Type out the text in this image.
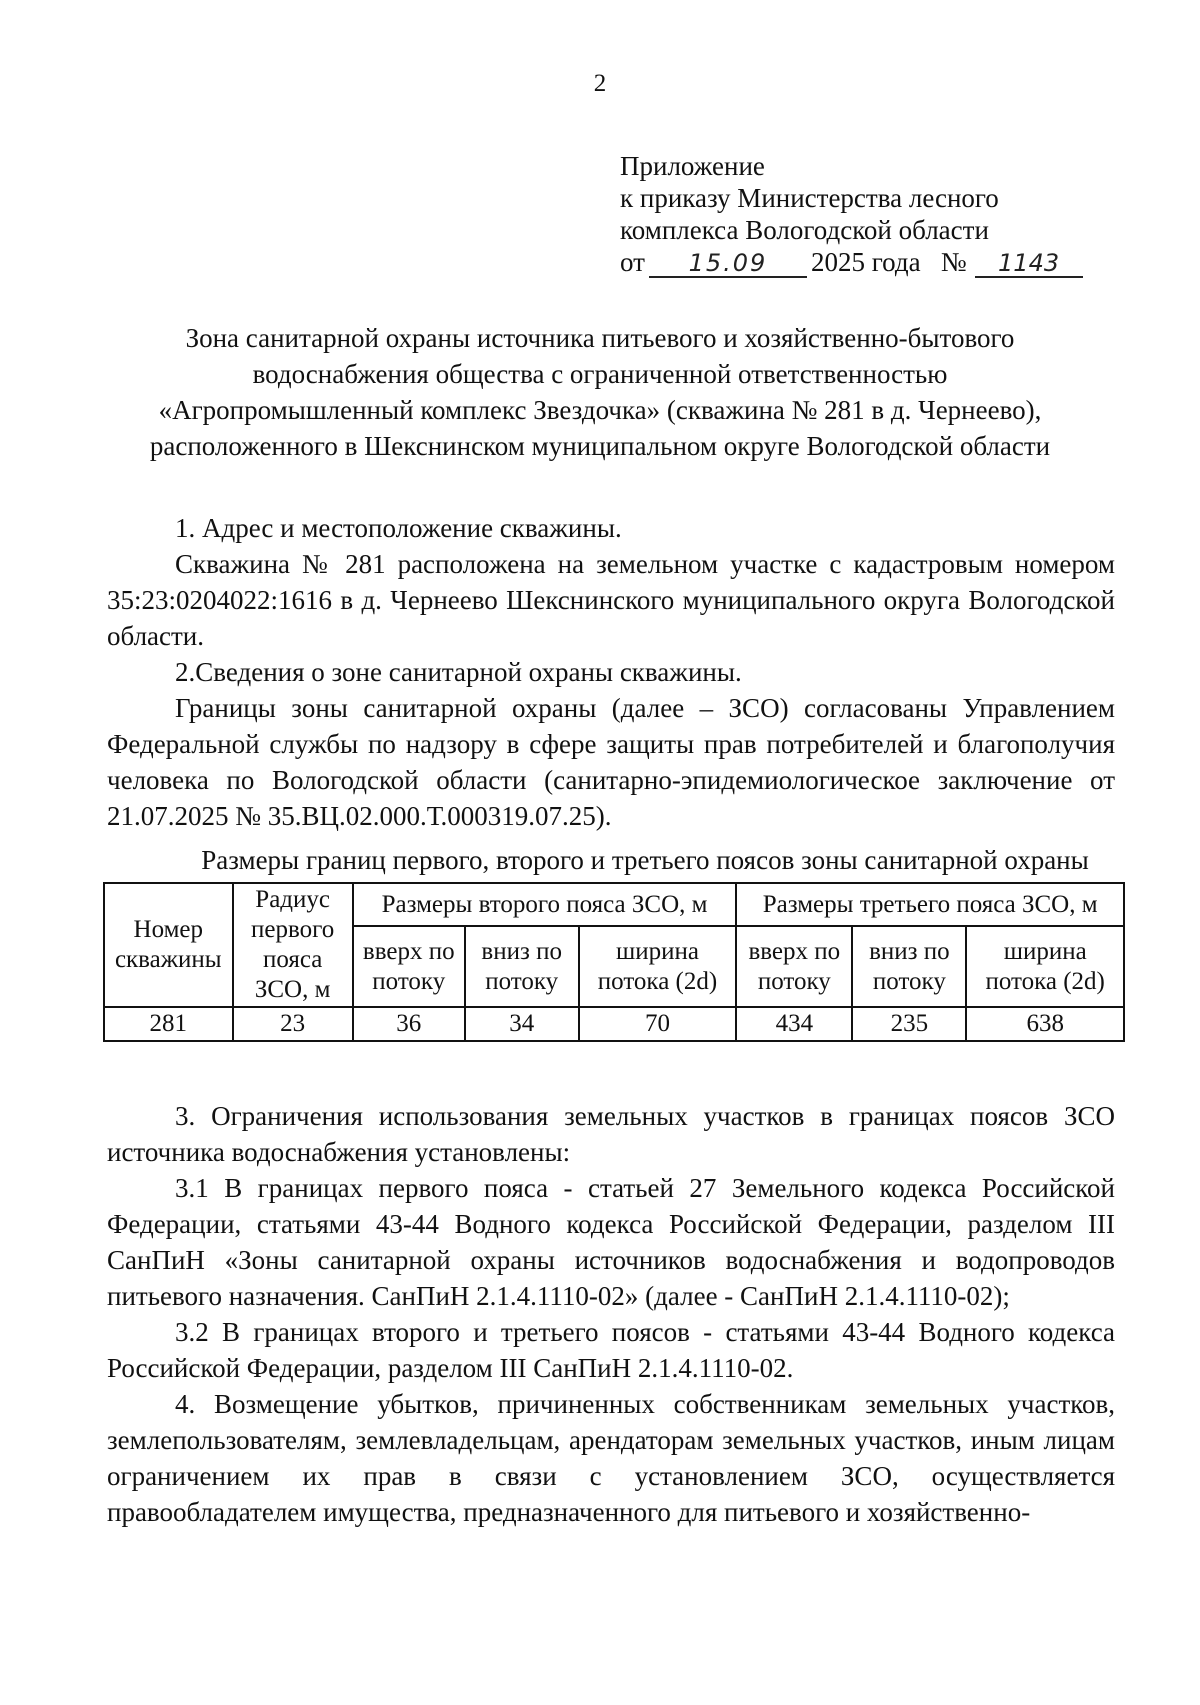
2
Приложение
к приказу Министерства лесного
комплекса Вологодской области
от 15.09 2025 года № 1143
Зона санитарной охраны источника питьевого и хозяйственно-бытового
водоснабжения общества с ограниченной ответственностью
«Агропромышленный комплекс Звездочка» (скважина № 281 в д. Чернеево),
расположенного в Шекснинском муниципальном округе Вологодской области

1. Адрес и местоположение скважины.

Скважина № 281 расположена на земельном участке с кадастровым номером 35:23:0204022:1616 в д. Чернеево Шекснинского муниципального округа Вологодской области.

2.Сведения о зоне санитарной охраны скважины.

Границы зоны санитарной охраны (далее – ЗСО) согласованы Управлением Федеральной службы по надзору в сфере защиты прав потребителей и благополучия человека по Вологодской области (санитарно-эпидемиологическое заключение от 21.07.2025 № 35.ВЦ.02.000.Т.000319.07.25).

Размеры границ первого, второго и третьего поясов зоны санитарной охраны

Номер скважины	Радиус первого пояса ЗСО, м	Размеры второго пояса ЗСО, м			Размеры третьего пояса ЗСО, м		

		вверх по потоку	вниз по потоку	ширина потока (2d)	вверх по потоку	вниз по потоку	ширина потока (2d)
281	23	36	34	70	434	235	638

3. Ограничения использования земельных участков в границах поясов ЗСО источника водоснабжения установлены:

3.1 В границах первого пояса - статьей 27 Земельного кодекса Российской Федерации, статьями 43-44 Водного кодекса Российской Федерации, разделом III СанПиН «Зоны санитарной охраны источников водоснабжения и водопроводов питьевого назначения. СанПиН 2.1.4.1110-02» (далее - СанПиН 2.1.4.1110-02);

3.2 В границах второго и третьего поясов - статьями 43-44 Водного кодекса Российской Федерации, разделом III СанПиН 2.1.4.1110-02.

4. Возмещение убытков, причиненных собственникам земельных участков, землепользователям, землевладельцам, арендаторам земельных участков, иным лицам ограничением их прав в связи с установлением ЗСО, осуществляется правообладателем имущества, предназначенного для питьевого и хозяйственно-
